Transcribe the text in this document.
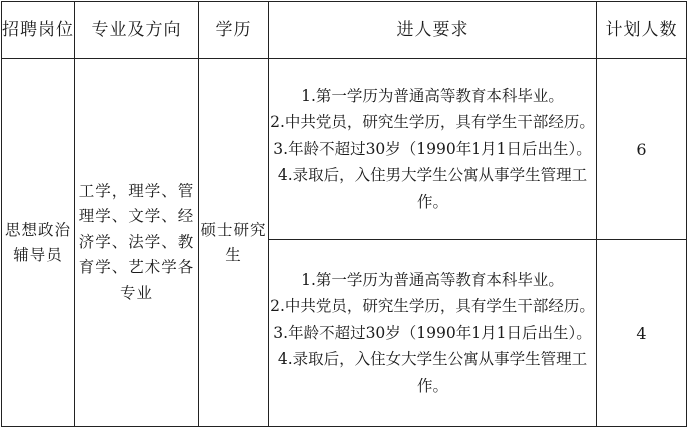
招聘岗位	专业及方向	学历	进人要求	计划人数
思想政治辅导员	工学，理学、管理学、文学、经济学、法学、教育学、艺术学各专业	硕士研究生	1.第一学历为普通高等教育本科毕业。
2.中共党员，研究生学历，具有学生干部经历。
3.年龄不超过30岁（1990年1月1日后出生）。
4.录取后，入住男大学生公寓从事学生管理工作。	6

			1.第一学历为普通高等教育本科毕业。
2.中共党员，研究生学历，具有学生干部经历。
3.年龄不超过30岁（1990年1月1日后出生）。
4.录取后，入住女大学生公寓从事学生管理工作。	4
